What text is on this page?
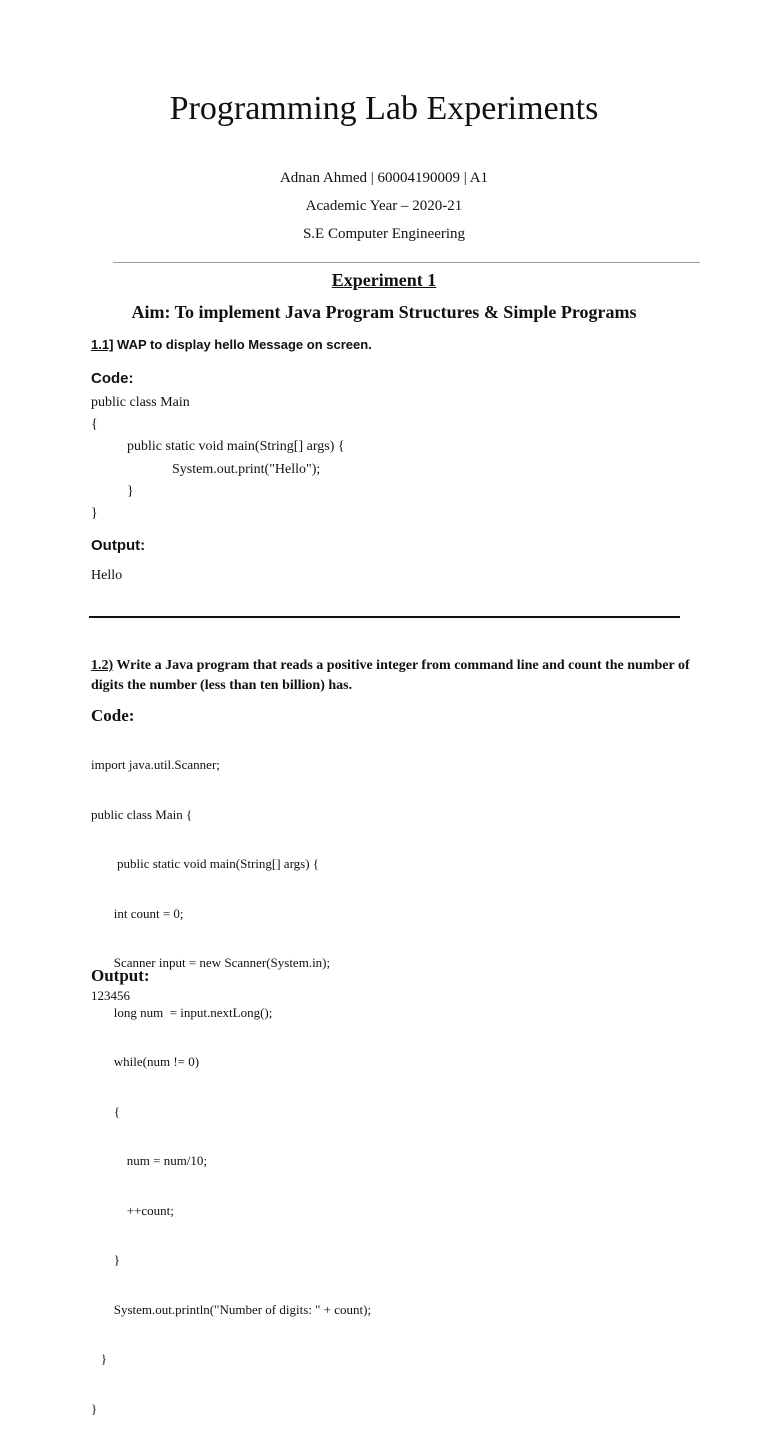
Programming Lab Experiments
Adnan Ahmed | 60004190009 | A1
Academic Year – 2020-21
S.E Computer Engineering
Experiment 1
Aim: To implement Java Program Structures & Simple Programs
1.1] WAP to display hello Message on screen.
Code:
public class Main
{
public static void main(String[] args) {
System.out.print("Hello");
}
}
Output:
Hello
1.2) Write a Java program that reads a positive integer from command line and count the number of digits the number (less than ten billion) has.
Code:

import java.util.Scanner;

public class Main {

public static void main(String[] args) {

int count = 0;

Scanner input = new Scanner(System.in);

long num  = input.nextLong();

while(num != 0)

{

num = num/10;

++count;

}

System.out.println("Number of digits: " + count);

}

}

Output:
123456
